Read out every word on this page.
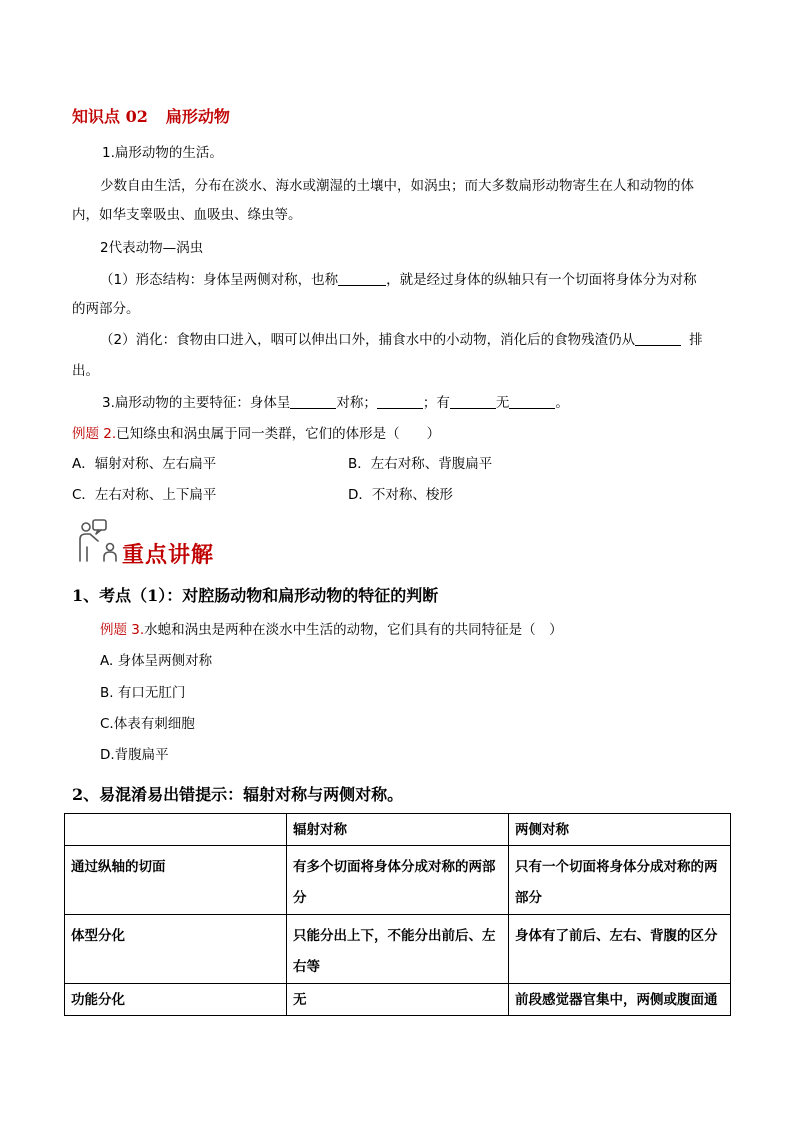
知识点 02 扁形动物
1.扁形动物的生活。
少数自由生活，分布在淡水、海水或潮湿的土壤中，如涡虫；而大多数扁形动物寄生在人和动物的体
内，如华支睾吸虫、血吸虫、绦虫等。
2代表动物—涡虫
（1）形态结构：身体呈两侧对称，也称	，就是经过身体的纵轴只有一个切面将身体分为对称
的两部分。
（2）消化：食物由口进入，咽可以伸出口外，捕食水中的小动物，消化后的食物残渣仍从	排
出。
3.扁形动物的主要特征：身体呈	对称；	；有	无	。
例题 2.已知绦虫和涡虫属于同一类群，它们的体形是（　　）
A．辐射对称、左右扁平	B．左右对称、背腹扁平
C．左右对称、上下扁平	D．不对称、梭形
重点讲解
1、考点（1）：对腔肠动物和扁形动物的特征的判断
例题 3.水螅和涡虫是两种在淡水中生活的动物，它们具有的共同特征是（　）
A. 身体呈两侧对称
B. 有口无肛门
C.体表有刺细胞
D.背腹扁平
2、易混淆易出错提示：辐射对称与两侧对称。
	辐射对称	两侧对称
通过纵轴的切面	有多个切面将身体分成对称的两部分	只有一个切面将身体分成对称的两部分
体型分化	只能分出上下，不能分出前后、左右等	身体有了前后、左右、背腹的区分
功能分化	无	前段感觉器官集中，两侧或腹面通
